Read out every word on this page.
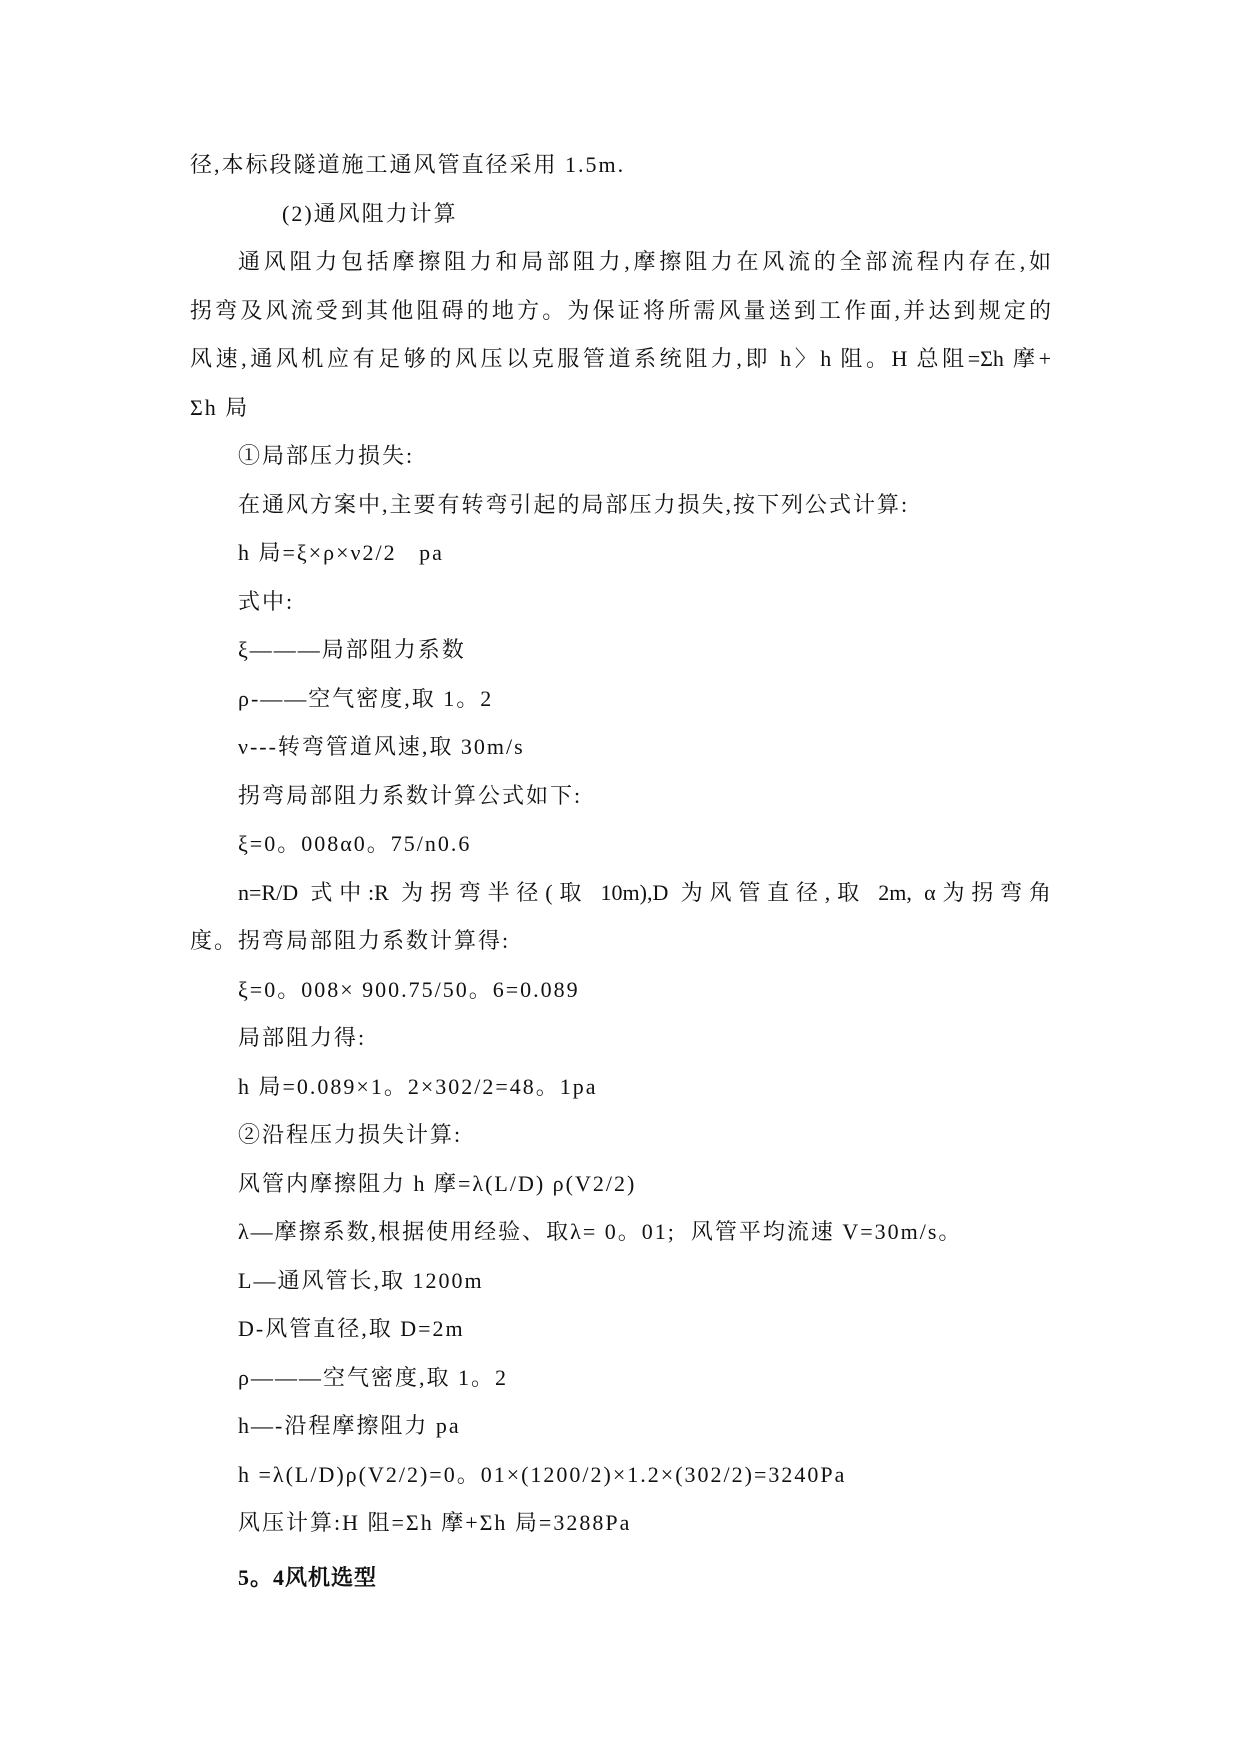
径,本标段隧道施工通风管直径采用 1.5m.
(2)通风阻力计算
通风阻力包括摩擦阻力和局部阻力,摩擦阻力在风流的全部流程内存在,如
拐弯及风流受到其他阻碍的地方。为保证将所需风量送到工作面,并达到规定的
风速,通风机应有足够的风压以克服管道系统阻力,即 h〉h 阻。H 总阻=Σh 摩+
Σh 局
①局部压力损失:
在通风方案中,主要有转弯引起的局部压力损失,按下列公式计算:
h 局=ξ×ρ×ν2/2   pa
式中:
ξ———局部阻力系数
ρ-——空气密度,取 1。2
ν---转弯管道风速,取 30m/s
拐弯局部阻力系数计算公式如下:
ξ=0。008α0。75/n0.6
n=R/D 式中:R 为拐弯半径(取 10m),D 为风管直径,取 2m, α为拐弯角
度。拐弯局部阻力系数计算得:
ξ=0。008× 900.75/50。6=0.089
局部阻力得:
h 局=0.089×1。2×302/2=48。1pa
②沿程压力损失计算:
风管内摩擦阻力 h 摩=λ(L/D) ρ(V2/2)
λ—摩擦系数,根据使用经验、取λ= 0。01;  风管平均流速 V=30m/s。
L—通风管长,取 1200m
D-风管直径,取 D=2m
ρ———空气密度,取 1。2
h—-沿程摩擦阻力 pa
h =λ(L/D)ρ(V2/2)=0。01×(1200/2)×1.2×(302/2)=3240Pa
风压计算:H 阻=Σh 摩+Σh 局=3288Pa
5。4风机选型
